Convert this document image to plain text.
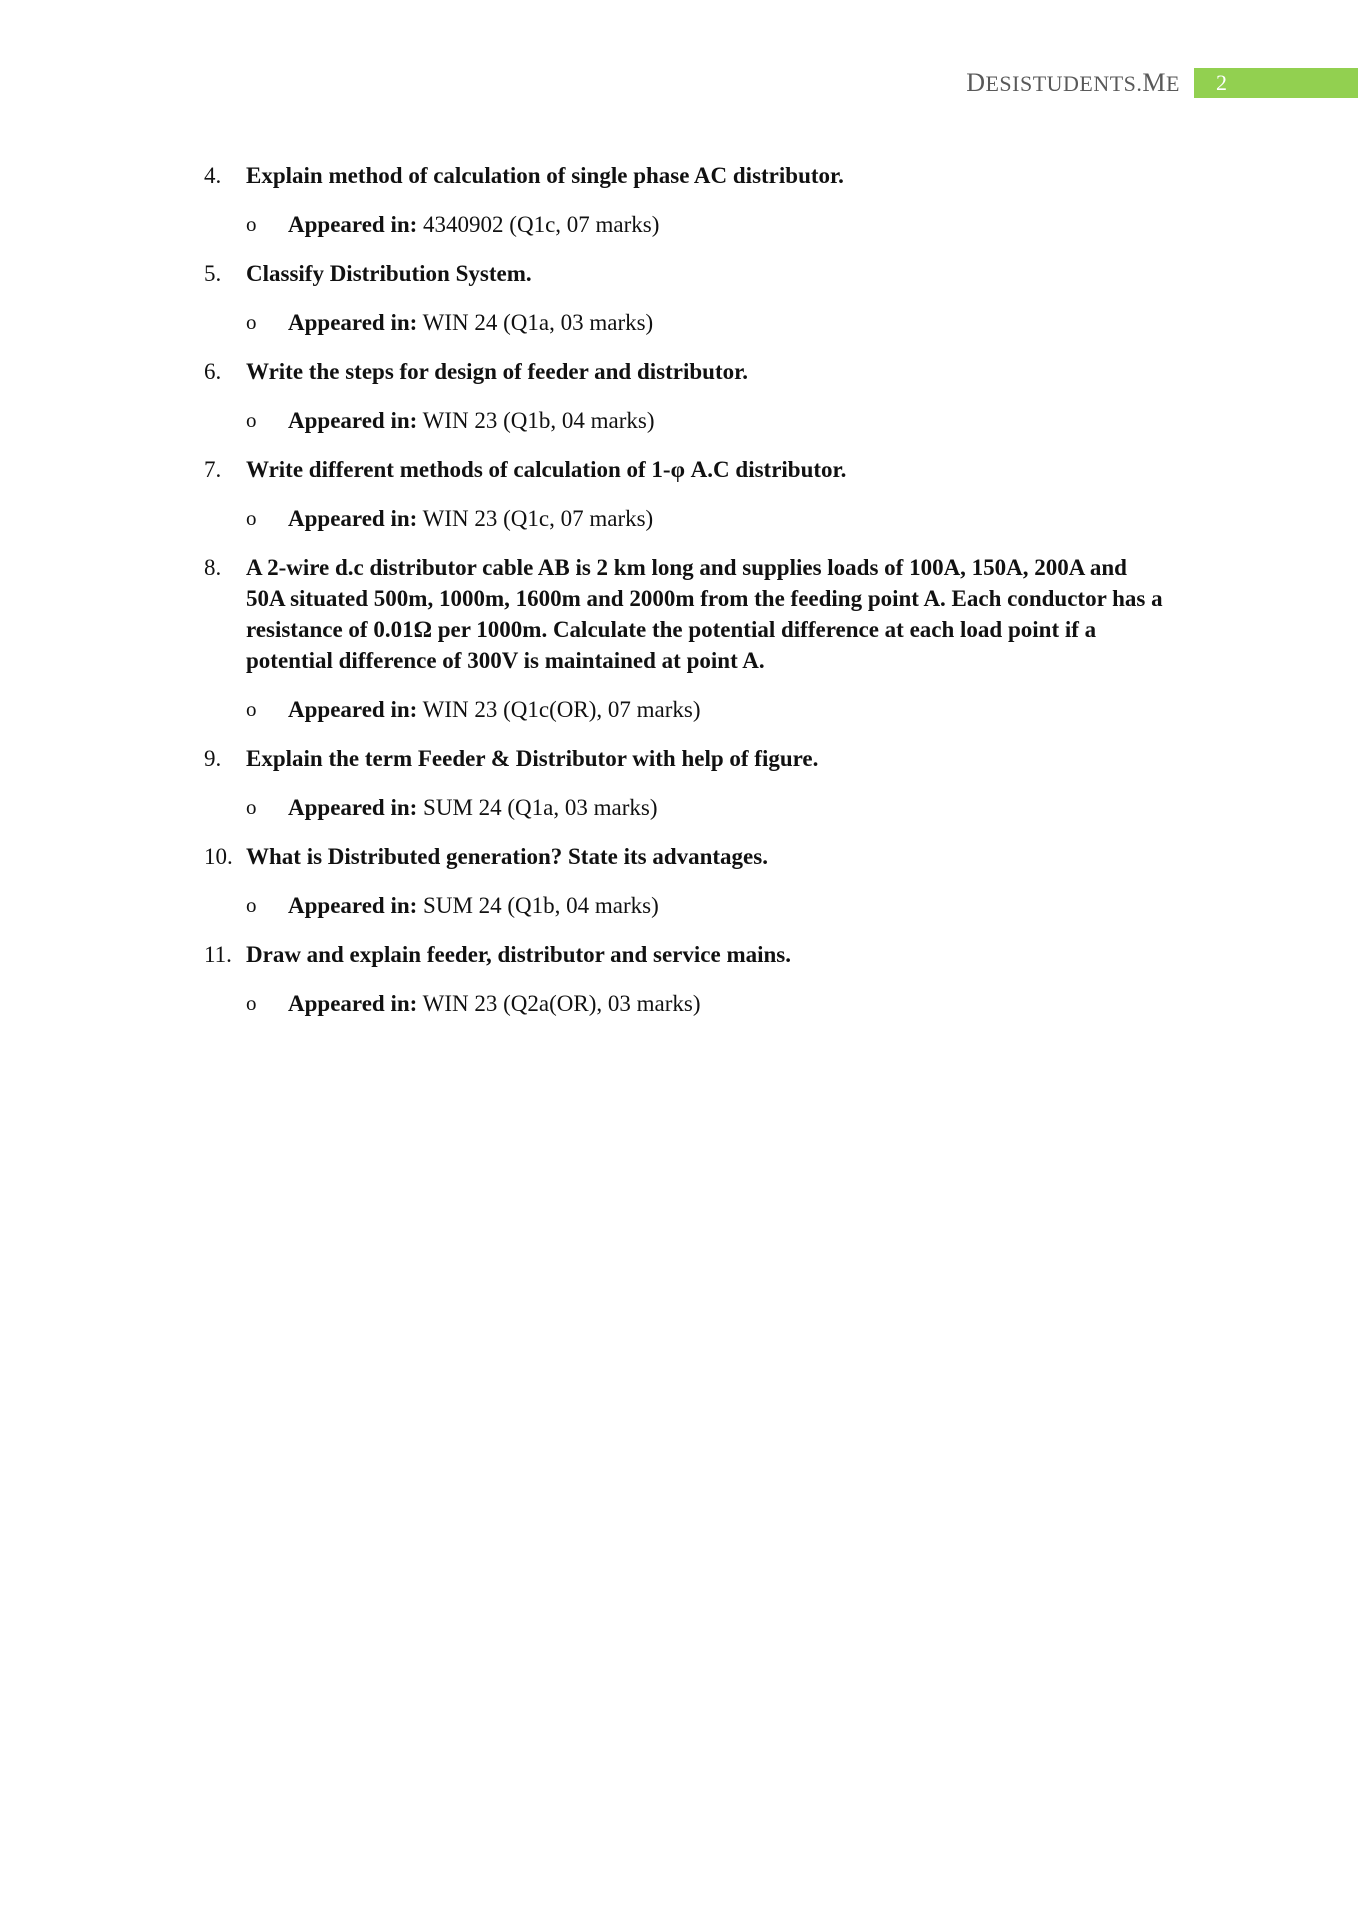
DESISTUDENTS.ME	2
4. Explain method of calculation of single phase AC distributor.
o Appeared in: 4340902 (Q1c, 07 marks)
5. Classify Distribution System.
o Appeared in: WIN 24 (Q1a, 03 marks)
6. Write the steps for design of feeder and distributor.
o Appeared in: WIN 23 (Q1b, 04 marks)
7. Write different methods of calculation of 1-φ A.C distributor.
o Appeared in: WIN 23 (Q1c, 07 marks)
8. A 2-wire d.c distributor cable AB is 2 km long and supplies loads of 100A, 150A, 200A and 50A situated 500m, 1000m, 1600m and 2000m from the feeding point A. Each conductor has a resistance of 0.01Ω per 1000m. Calculate the potential difference at each load point if a potential difference of 300V is maintained at point A.
o Appeared in: WIN 23 (Q1c(OR), 07 marks)
9. Explain the term Feeder & Distributor with help of figure.
o Appeared in: SUM 24 (Q1a, 03 marks)
10. What is Distributed generation? State its advantages.
o Appeared in: SUM 24 (Q1b, 04 marks)
11. Draw and explain feeder, distributor and service mains.
o Appeared in: WIN 23 (Q2a(OR), 03 marks)
